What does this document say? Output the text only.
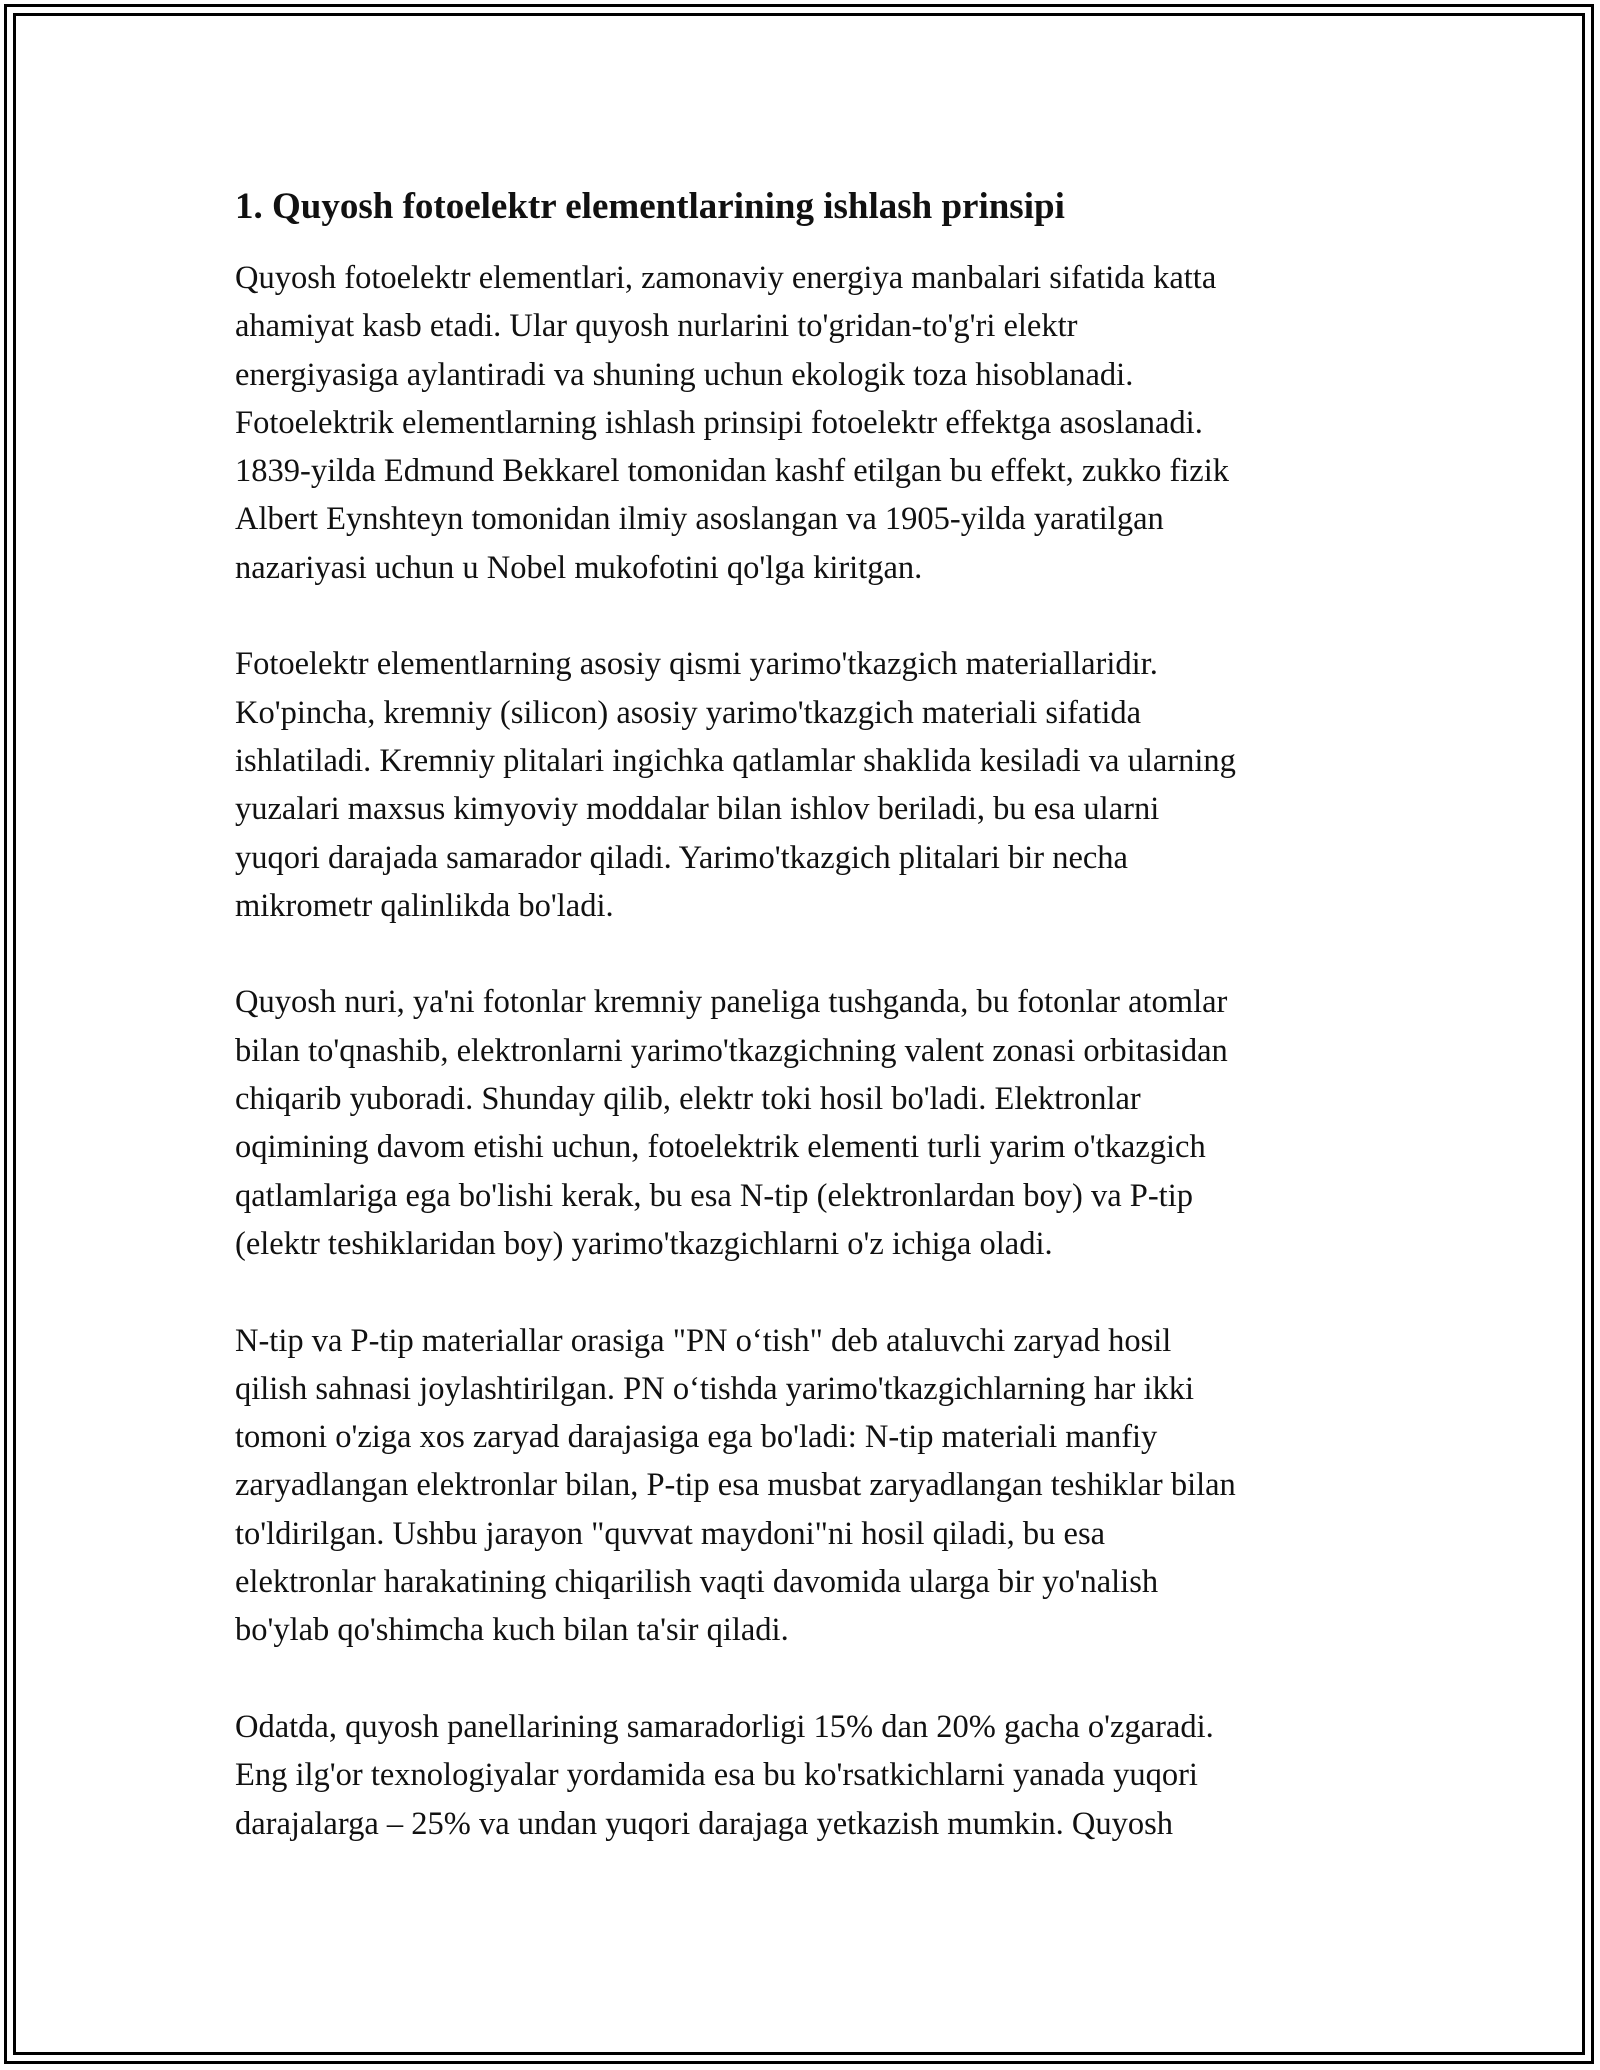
1. Quyosh fotoelektr elementlarining ishlash prinsipi

Quyosh fotoelektr elementlari, zamonaviy energiya manbalari sifatida katta
ahamiyat kasb etadi. Ular quyosh nurlarini to'gridan-to'g'ri elektr
energiyasiga aylantiradi va shuning uchun ekologik toza hisoblanadi.
Fotoelektrik elementlarning ishlash prinsipi fotoelektr effektga asoslanadi.
1839-yilda Edmund Bekkarel tomonidan kashf etilgan bu effekt, zukko fizik
Albert Eynshteyn tomonidan ilmiy asoslangan va 1905-yilda yaratilgan
nazariyasi uchun u Nobel mukofotini qo'lga kiritgan.

Fotoelektr elementlarning asosiy qismi yarimo'tkazgich materiallaridir.
Ko'pincha, kremniy (silicon) asosiy yarimo'tkazgich materiali sifatida
ishlatiladi. Kremniy plitalari ingichka qatlamlar shaklida kesiladi va ularning
yuzalari maxsus kimyoviy moddalar bilan ishlov beriladi, bu esa ularni
yuqori darajada samarador qiladi. Yarimo'tkazgich plitalari bir necha
mikrometr qalinlikda bo'ladi.

Quyosh nuri, ya'ni fotonlar kremniy paneliga tushganda, bu fotonlar atomlar
bilan to'qnashib, elektronlarni yarimo'tkazgichning valent zonasi orbitasidan
chiqarib yuboradi. Shunday qilib, elektr toki hosil bo'ladi. Elektronlar
oqimining davom etishi uchun, fotoelektrik elementi turli yarim o'tkazgich
qatlamlariga ega bo'lishi kerak, bu esa N-tip (elektronlardan boy) va P-tip
(elektr teshiklaridan boy) yarimo'tkazgichlarni o'z ichiga oladi.

N-tip va P-tip materiallar orasiga "PN o‘tish" deb ataluvchi zaryad hosil
qilish sahnasi joylashtirilgan. PN o‘tishda yarimo'tkazgichlarning har ikki
tomoni o'ziga xos zaryad darajasiga ega bo'ladi: N-tip materiali manfiy
zaryadlangan elektronlar bilan, P-tip esa musbat zaryadlangan teshiklar bilan
to'ldirilgan. Ushbu jarayon "quvvat maydoni"ni hosil qiladi, bu esa
elektronlar harakatining chiqarilish vaqti davomida ularga bir yo'nalish
bo'ylab qo'shimcha kuch bilan ta'sir qiladi.

Odatda, quyosh panellarining samaradorligi 15% dan 20% gacha o'zgaradi.
Eng ilg'or texnologiyalar yordamida esa bu ko'rsatkichlarni yanada yuqori
darajalarga – 25% va undan yuqori darajaga yetkazish mumkin. Quyosh
